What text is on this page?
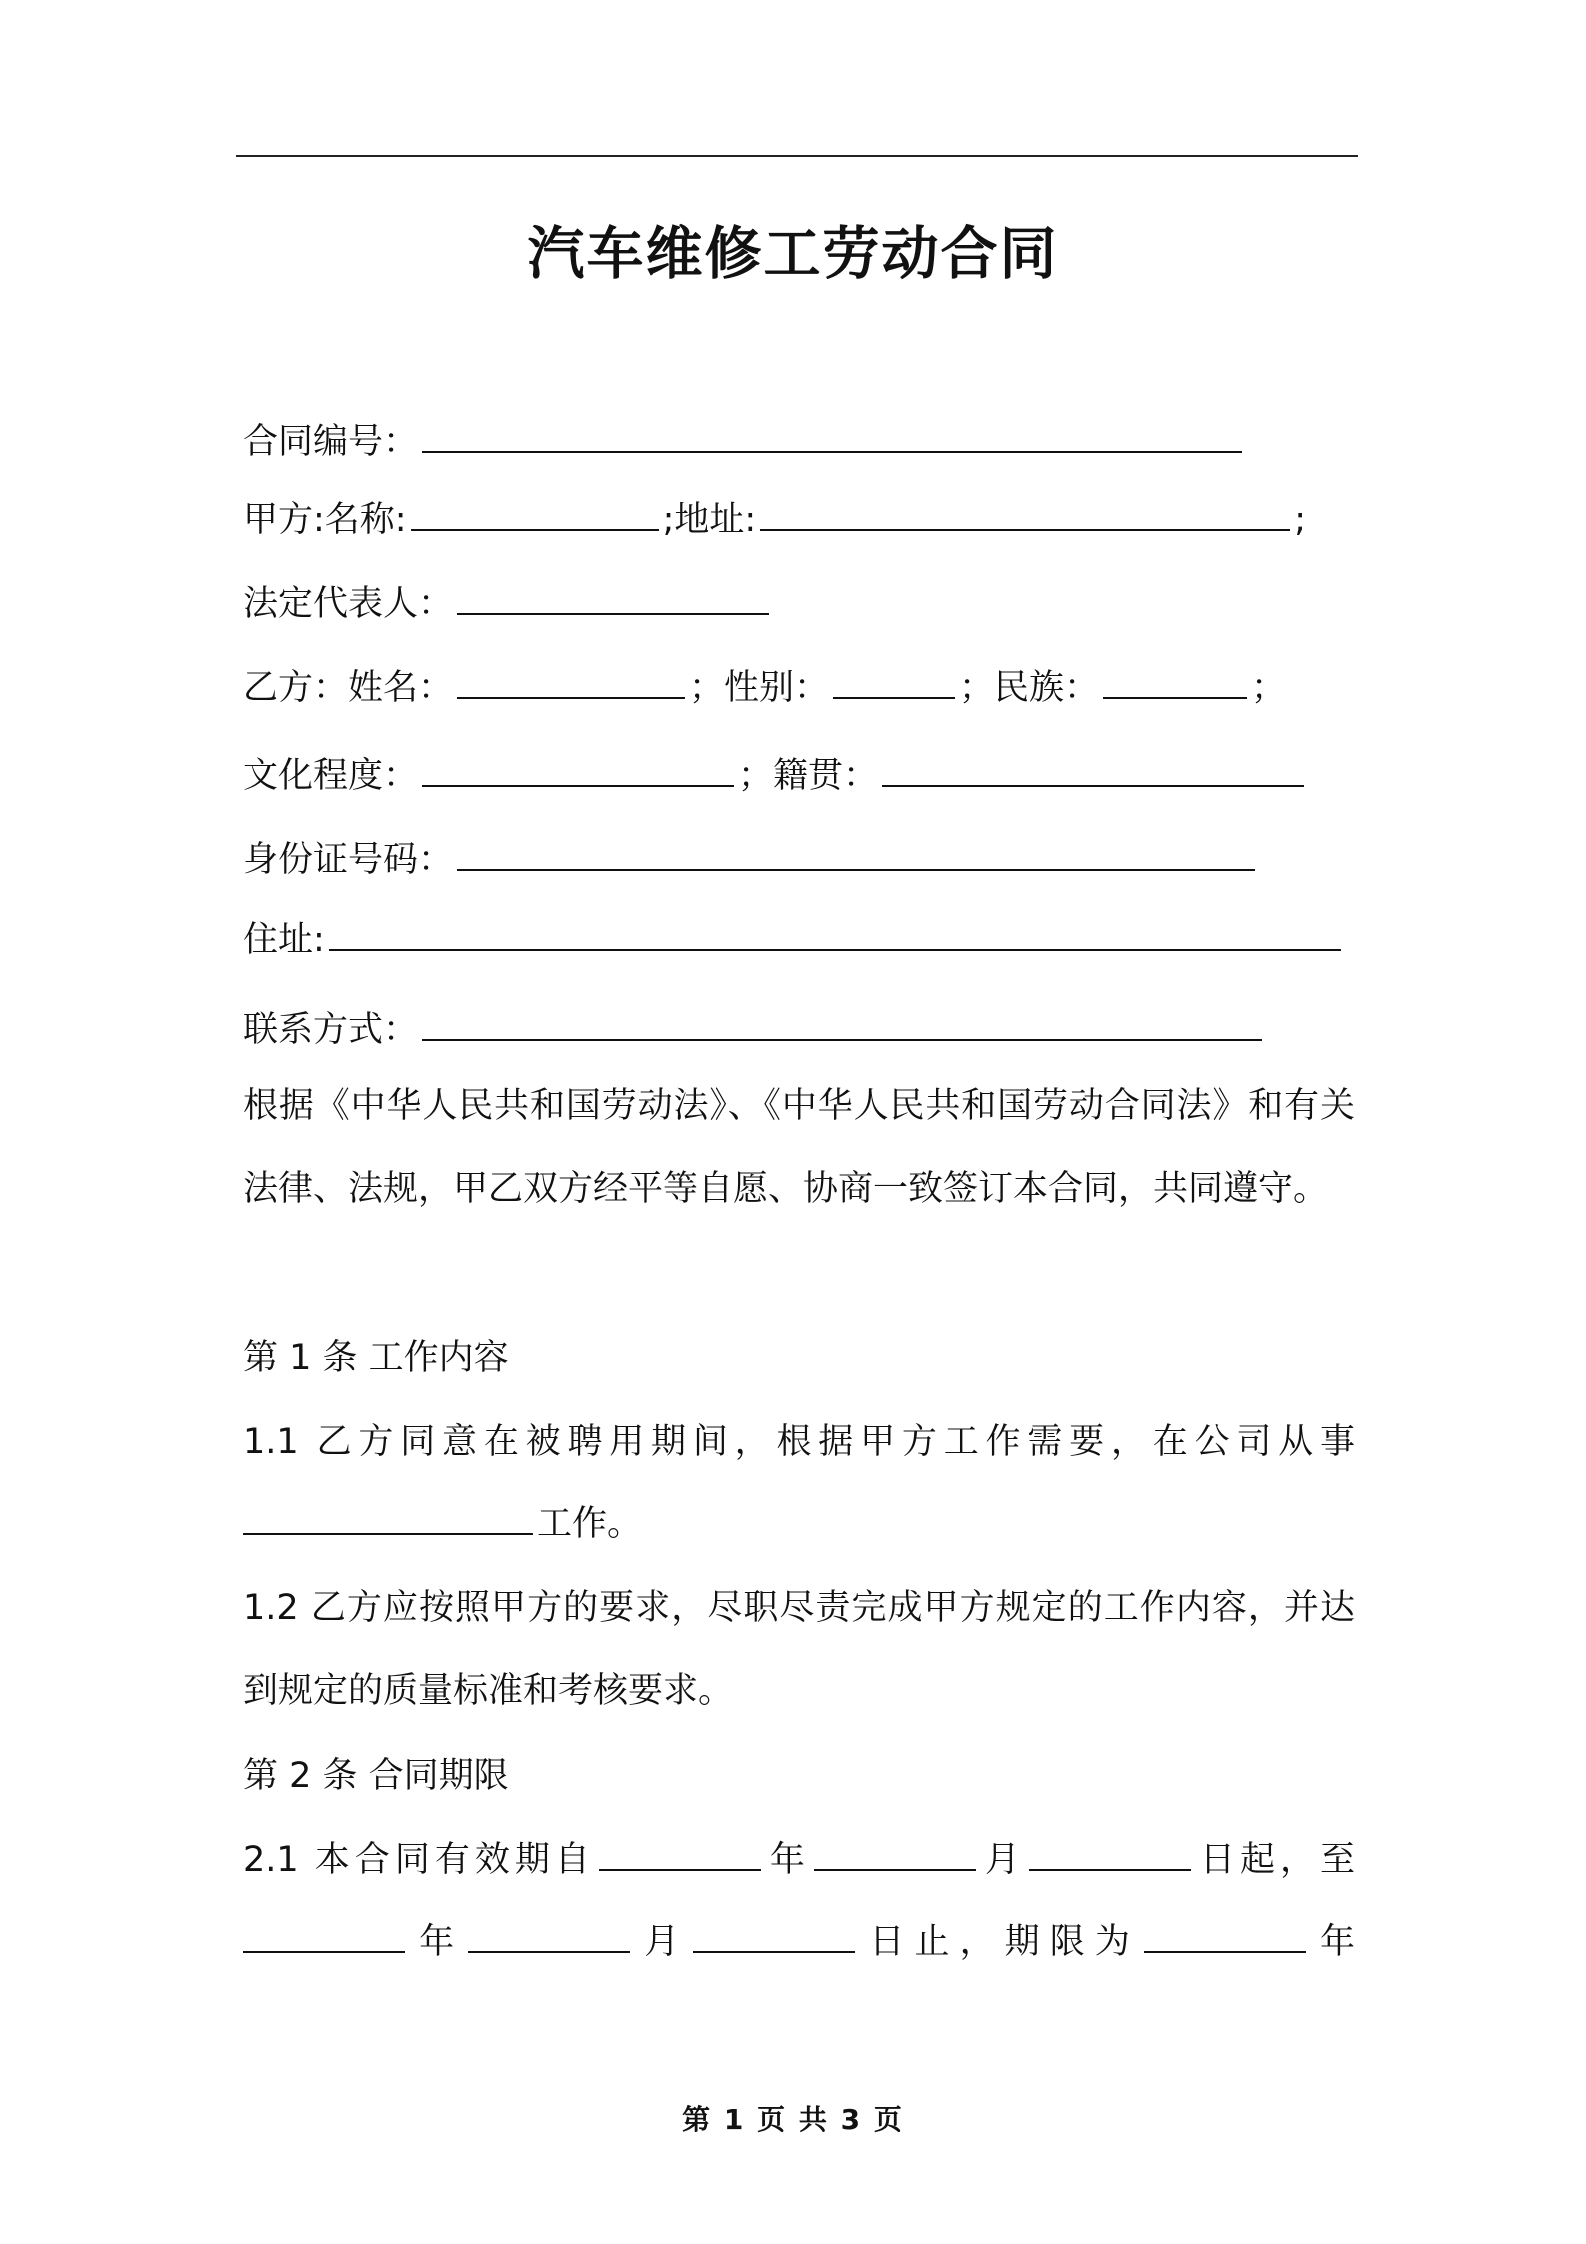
汽车维修工劳动合同
合同编号：
甲方:名称:	;地址:	;
法定代表人：
乙方：姓名：	；性别：	；民族：	；
文化程度：	；籍贯：
身份证号码：
住址:
联系方式：
根据《中华人民共和国劳动法》、《中华人民共和国劳动合同法》和有关法律、法规，甲乙双方经平等自愿、协商一致签订本合同，共同遵守。
第 1 条 工作内容
1.1 乙方同意在被聘用期间，根据甲方工作需要，在公司从事
工作。
1.2 乙方应按照甲方的要求，尽职尽责完成甲方规定的工作内容，并达到规定的质量标准和考核要求。
第 2 条 合同期限
2.1 本合同有效期自	年	月	日起，至
年	月	日止，期限为	年
第 1 页 共 3 页
